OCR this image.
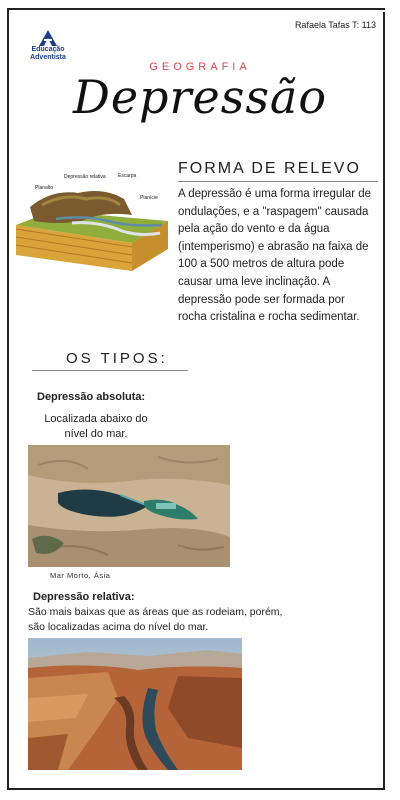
Rafaela Tafas T: 113
Educação
Adventista
GEOGRAFIA
Depressão
Planalto
Depressão relativa Escarpa
Planície
FORMA DE RELEVO
A depressão é uma forma irregular de ondulações, e a "raspagem" causada pela ação do vento e da água (intemperismo) e abrasão na faixa de 100 a 500 metros de altura pode causar uma leve inclinação. A depressão pode ser formada por rocha cristalina e rocha sedimentar.
OS TIPOS:
Depressão absoluta:
Localizada abaixo do nível do mar.
Mar Morto, Ásia
Depressão relativa:
São mais baixas que as áreas que as rodeiam, porém, são localizadas acima do nível do mar.
